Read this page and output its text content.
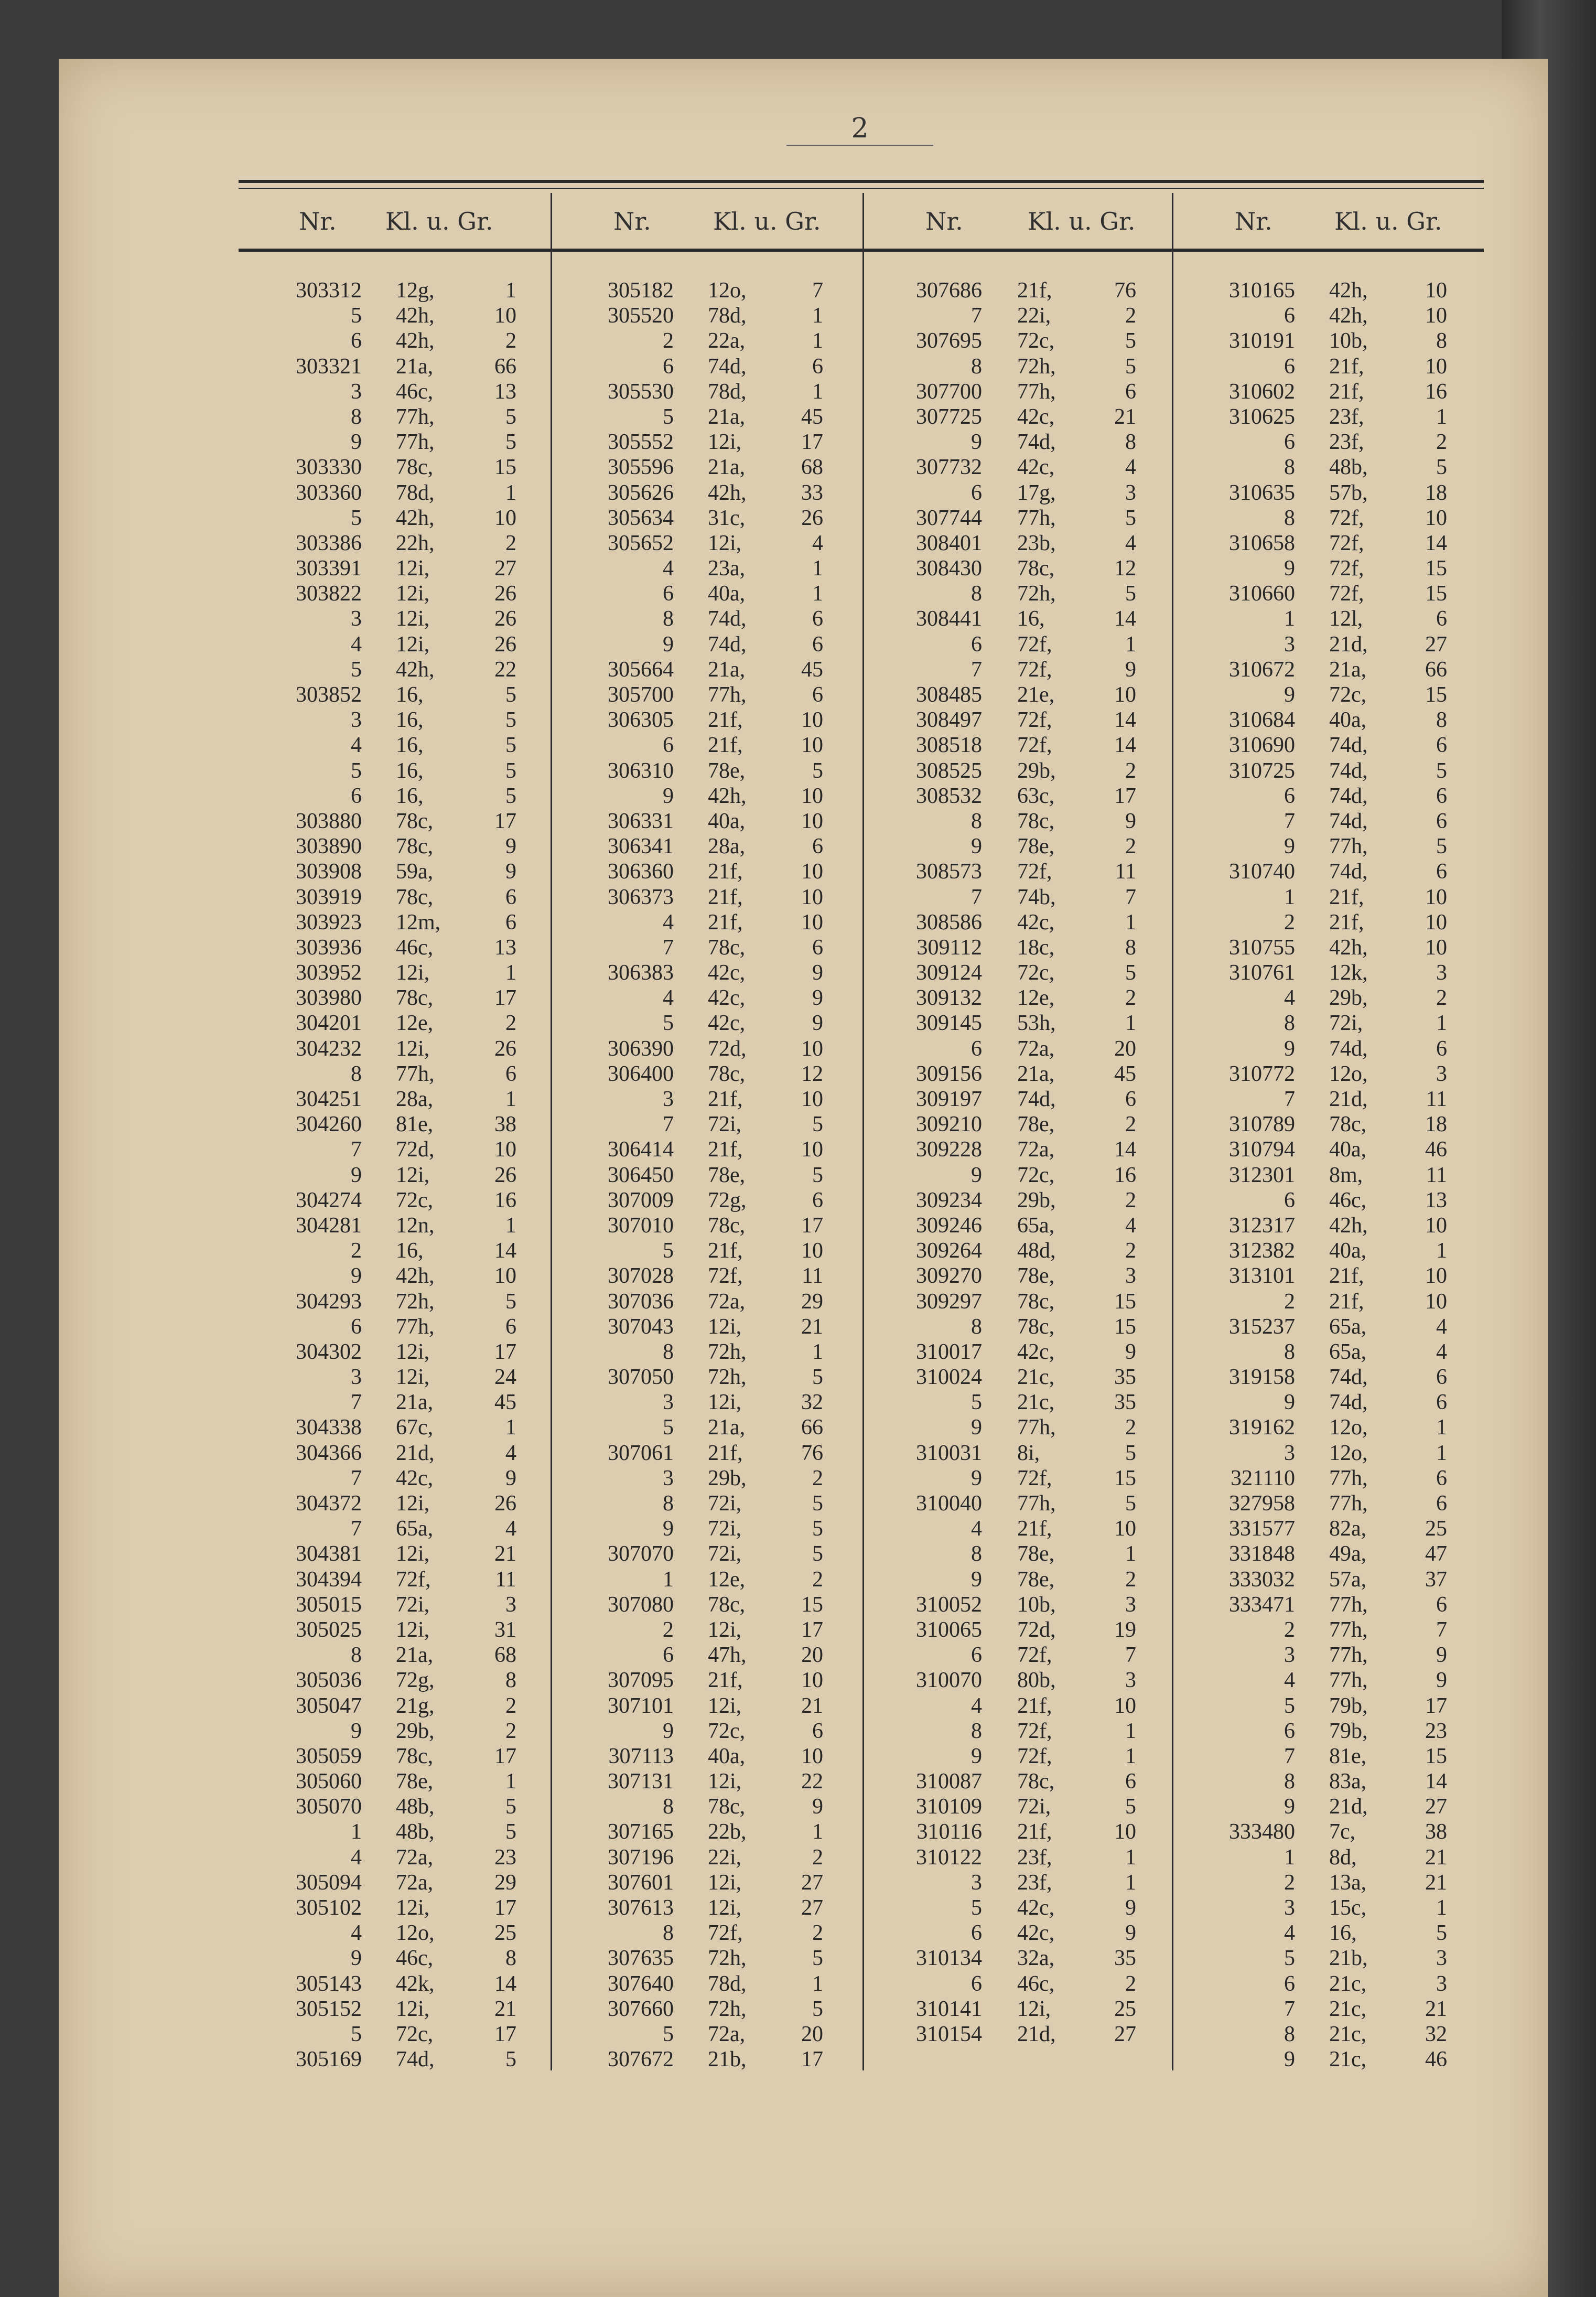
2
Nr. Kl. u. Gr.	Nr.	Kl. u. Gr.	Nr.	Kl. u. Gr.	Nr.	Kl. u. Gr.
303312 12g,	1
5 42h,	10
6 42h,	2
303321 21a,	66
3 46c,	13
8 77h,	5
9 77h,	5
303330 78c,	15
303360 78d,	1
5 42h,	10
303386 22h,	2
303391 12i,	27
303822 12i,	26
3 12i,	26
4 12i,	26
5 42h,	22
303852 16,	5
3 16,	5
4 16,	5
5 16,	5
6 16,	5
303880 78c,	17
303890 78c,	9
303908 59a,	9
303919 78c,	6
303923 12m,	6
303936 46c,	13
303952 12i,	1
303980 78c,	17
304201 12e,	2
304232 12i,	26
8 77h,	6
304251 28a,	1
304260 81e,	38
7 72d,	10
9 12i,	26
304274 72c,	16
304281 12n,	1
2 16,	14
9 42h,	10
304293 72h,	5
6 77h,	6
304302 12i,	17
3 12i,	24
7 21a,	45
304338 67c,	1
304366 21d,	4
7 42c,	9
304372 12i,	26
7 65a,	4
304381 12i,	21
304394 72f,	11
305015 72i,	3
305025 12i,	31
8 21a,	68
305036 72g,	8
305047 21g,	2
9 29b,	2
305059 78c,	17
305060 78e,	1
305070 48b,	5
1 48b,	5
4 72a,	23
305094 72a,	29
305102 12i,	17
4 12o,	25
9 46c,	8
305143 42k,	14
305152 12i,	21
5 72c,	17
305169 74d,	5
305182 12o,	7
305520 78d,	1
2 22a,	1
6 74d,	6
305530 78d,	1
5 21a,	45
305552 12i,	17
305596 21a,	68
305626 42h,	33
305634 31c,	26
305652 12i,	4
4 23a,	1
6 40a,	1
8 74d,	6
9 74d,	6
305664 21a,	45
305700 77h,	6
306305 21f,	10
6 21f,	10
306310 78e,	5
9 42h,	10
306331 40a,	10
306341 28a,	6
306360 21f,	10
306373 21f,	10
4 21f,	10
7 78c,	6
306383 42c,	9
4 42c,	9
5 42c,	9
306390 72d,	10
306400 78c,	12
3 21f,	10
7 72i,	5
306414 21f,	10
306450 78e,	5
307009 72g,	6
307010 78c,	17
5 21f,	10
307028 72f,	11
307036 72a,	29
307043 12i,	21
8 72h,	1
307050 72h,	5
3 12i,	32
5 21a,	66
307061 21f,	76
3 29b,	2
8 72i,	5
9 72i,	5
307070 72i,	5
1 12e,	2
307080 78c,	15
2 12i,	17
6 47h,	20
307095 21f,	10
307101 12i,	21
9 72c,	6
307113 40a,	10
307131 12i,	22
8 78c,	9
307165 22b,	1
307196 22i,	2
307601 12i,	27
307613 12i,	27
8 72f,	2
307635 72h,	5
307640 78d,	1
307660 72h,	5
5 72a,	20
307672 21b,	17
307686 21f,	76
7 22i,	2
307695 72c,	5
8 72h,	5
307700 77h,	6
307725 42c,	21
9 74d,	8
307732 42c,	4
6 17g,	3
307744 77h,	5
308401 23b,	4
308430 78c,	12
8 72h,	5
308441 16,	14
6 72f,	1
7 72f,	9
308485 21e,	10
308497 72f,	14
308518 72f,	14
308525 29b,	2
308532 63c,	17
8 78c,	9
9 78e,	2
308573 72f,	11
7 74b,	7
308586 42c,	1
309112 18c,	8
309124 72c,	5
309132 12e,	2
309145 53h,	1
6 72a,	20
309156 21a,	45
309197 74d,	6
309210 78e,	2
309228 72a,	14
9 72c,	16
309234 29b,	2
309246 65a,	4
309264 48d,	2
309270 78e,	3
309297 78c,	15
8 78c,	15
310017 42c,	9
310024 21c,	35
5 21c,	35
9 77h,	2
310031 8i,	5
9 72f,	15
310040 77h,	5
4 21f,	10
8 78e,	1
9 78e,	2
310052 10b,	3
310065 72d,	19
6 72f,	7
310070 80b,	3
4 21f,	10
8 72f,	1
9 72f,	1
310087 78c,	6
310109 72i,	5
310116 21f,	10
310122 23f,	1
3 23f,	1
5 42c,	9
6 42c,	9
310134 32a,	35
6 46c,	2
310141 12i,	25
310154 21d,	27
310165 42h,	10
6 42h,	10
310191 10b,	8
6 21f,	10
310602 21f,	16
310625 23f,	1
6 23f,	2
8 48b,	5
310635 57b,	18
8 72f,	10
310658 72f,	14
9 72f,	15
310660 72f,	15
1 12l,	6
3 21d,	27
310672 21a,	66
9 72c,	15
310684 40a,	8
310690 74d,	6
310725 74d,	5
6 74d,	6
7 74d,	6
9 77h,	5
310740 74d,	6
1 21f,	10
2 21f,	10
310755 42h,	10
310761 12k,	3
4 29b,	2
8 72i,	1
9 74d,	6
310772 12o,	3
7 21d,	11
310789 78c,	18
310794 40a,	46
312301 8m,	11
6 46c,	13
312317 42h,	10
312382 40a,	1
313101 21f,	10
2 21f,	10
315237 65a,	4
8 65a,	4
319158 74d,	6
9 74d,	6
319162 12o,	1
3 12o,	1
321110 77h,	6
327958 77h,	6
331577 82a,	25
331848 49a,	47
333032 57a,	37
333471 77h,	6
2 77h,	7
3 77h,	9
4 77h,	9
5 79b,	17
6 79b,	23
7 81e,	15
8 83a,	14
9 21d,	27
333480 7c,	38
1 8d,	21
2 13a,	21
3 15c,	1
4 16,	5
5 21b,	3
6 21c,	3
7 21c,	21
8 21c,	32
9 21c,	46
